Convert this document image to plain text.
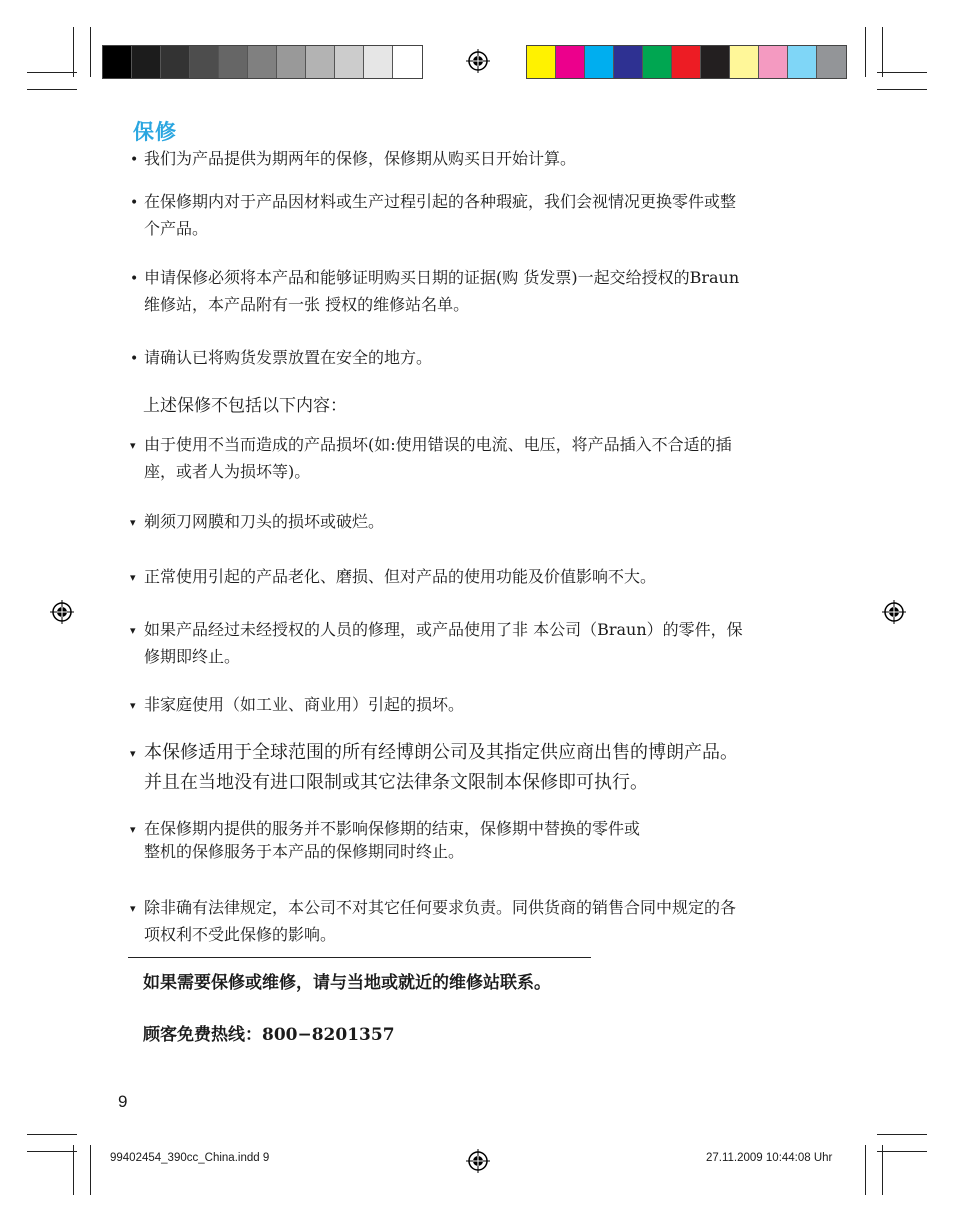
保修
• 我们为产品提供为期两年的保修，保修期从购买日开始计算。
• 在保修期内对于产品因材料或生产过程引起的各种瑕疵，我们会视情况更换零件或整
个产品。
• 申请保修必须将本产品和能够证明购买日期的证据(购 货发票)一起交给授权的Braun
维修站，本产品附有一张 授权的维修站名单。
• 请确认已将购货发票放置在安全的地方。
上述保修不包括以下内容：
▾ 由于使用不当而造成的产品损坏(如:使用错误的电流、电压，将产品插入不合适的插
座，或者人为损坏等)。
▾ 剃须刀网膜和刀头的损坏或破烂。
▾ 正常使用引起的产品老化、磨损、但对产品的使用功能及价值影响不大。
▾ 如果产品经过未经授权的人员的修理，或产品使用了非 本公司（Braun）的零件，保
修期即终止。
▾ 非家庭使用（如工业、商业用）引起的损坏。
▾ 本保修适用于全球范围的所有经博朗公司及其指定供应商出售的博朗产品。
并且在当地没有进口限制或其它法律条文限制本保修即可执行。
▾ 在保修期内提供的服务并不影响保修期的结束，保修期中替换的零件或
整机的保修服务于本产品的保修期同时终止。
▾ 除非确有法律规定，本公司不对其它任何要求负责。同供货商的销售合同中规定的各
项权利不受此保修的影响。
如果需要保修或维修，请与当地或就近的维修站联系。
顾客免费热线：800−8201357
9
99402454_390cc_China.indd 9	27.11.2009 10:44:08 Uhr
